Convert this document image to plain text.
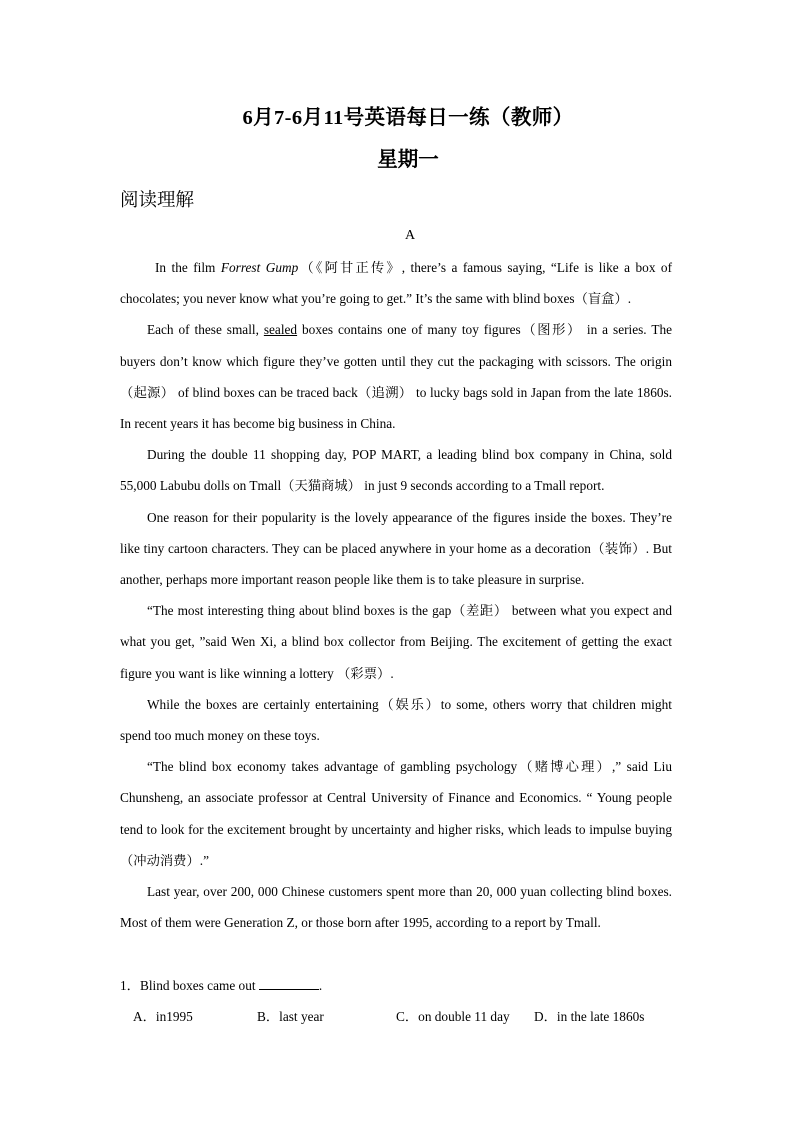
6月7-6月11号英语每日一练（教师）
星期一
阅读理解
A

In the film Forrest Gump（《阿甘正传》, there’s a famous saying, “Life is like a box of chocolates; you never know what you’re going to get.” It’s the same with blind boxes（盲盒）.

Each of these small, sealed boxes contains one of many toy figures（图形） in a series. The buyers don’t know which figure they’ve gotten until they cut the packaging with scissors. The origin（起源） of blind boxes can be traced back（追溯） to lucky bags sold in Japan from the late 1860s. In recent years it has become big business in China.

During the double 11 shopping day, POP MART, a leading blind box company in China, sold 55,000 Labubu dolls on Tmall（天猫商城） in just 9 seconds according to a Tmall report.

One reason for their popularity is the lovely appearance of the figures inside the boxes. They’re like tiny cartoon characters. They can be placed anywhere in your home as a decoration（装饰）. But another, perhaps more important reason people like them is to take pleasure in surprise.

“The most interesting thing about blind boxes is the gap（差距） between what you expect and what you get, ”said Wen Xi, a blind box collector from Beijing. The excitement of getting the exact figure you want is like winning a lottery （彩票）.

While the boxes are certainly entertaining（娱乐）to some, others worry that children might spend too much money on these toys.

“The blind box economy takes advantage of gambling psychology（赌博心理）,” said Liu Chunsheng, an associate professor at Central University of Finance and Economics. “ Young people tend to look for the excitement brought by uncertainty and higher risks, which leads to impulse buying（冲动消费）.”

Last year, over 200, 000 Chinese customers spent more than 20, 000 yuan collecting blind boxes. Most of them were Generation Z, or those born after 1995, according to a report by Tmall.

1．Blind boxes came out	.
A．in1995	B．last year	C．on double 11 day D．in the late 1860s
